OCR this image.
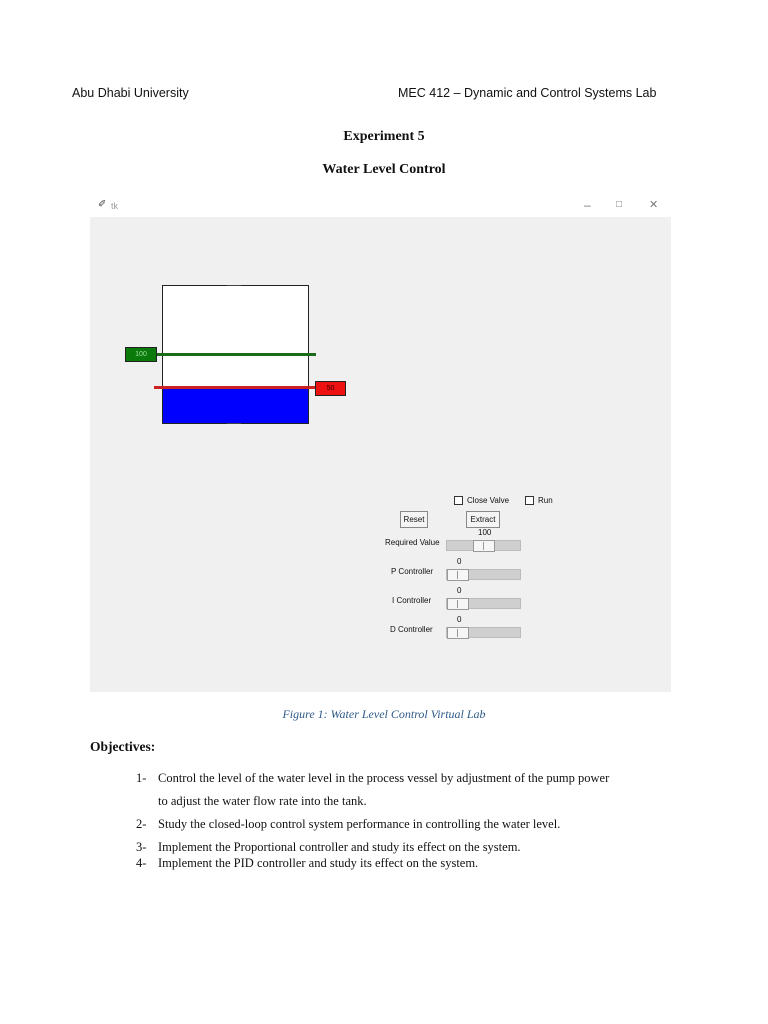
Abu Dhabi University	MEC 412 – Dynamic and Control Systems Lab
Experiment 5
Water Level Control
✐ tk	–	□ ✕
100
50
Close Valve	Run
Reset	Extract
Required Value
100
P Controller
0
I Controller
0
D Controller
0
Figure 1: Water Level Control Virtual Lab
Objectives:
1- Control the level of the water level in the process vessel by adjustment of the pump power
to adjust the water flow rate into the tank.
2- Study the closed-loop control system performance in controlling the water level.
3- Implement the Proportional controller and study its effect on the system.
4- Implement the PID controller and study its effect on the system.
